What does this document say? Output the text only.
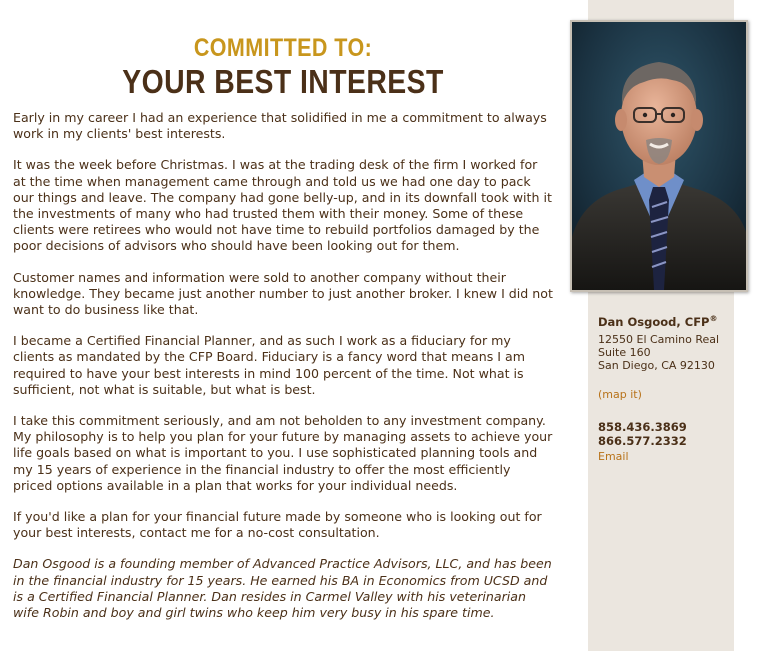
COMMITTED TO:
YOUR BEST INTEREST

Early in my career I had an experience that solidified in me a commitment to always work in my clients' best interests.

It was the week before Christmas. I was at the trading desk of the firm I worked for at the time when management came through and told us we had one day to pack our things and leave. The company had gone belly-up, and in its downfall took with it the investments of many who had trusted them with their money. Some of these clients were retirees who would not have time to rebuild portfolios damaged by the poor decisions of advisors who should have been looking out for them.

Customer names and information were sold to another company without their knowledge. They became just another number to just another broker. I knew I did not want to do business like that.

I became a Certified Financial Planner, and as such I work as a fiduciary for my clients as mandated by the CFP Board. Fiduciary is a fancy word that means I am required to have your best interests in mind 100 percent of the time. Not what is sufficient, not what is suitable, but what is best.

I take this commitment seriously, and am not beholden to any investment company. My philosophy is to help you plan for your future by managing assets to achieve your life goals based on what is important to you. I use sophisticated planning tools and my 15 years of experience in the financial industry to offer the most efficiently priced options available in a plan that works for your individual needs.

If you'd like a plan for your financial future made by someone who is looking out for your best interests, contact me for a no-cost consultation.

Dan Osgood is a founding member of Advanced Practice Advisors, LLC, and has been in the financial industry for 15 years. He earned his BA in Economics from UCSD and is a Certified Financial Planner. Dan resides in Carmel Valley with his veterinarian wife Robin and boy and girl twins who keep him very busy in his spare time.

Dan Osgood, CFP®

12550 El Camino Real

Suite 160

San Diego, CA 92130

(map it)

858.436.3869

866.577.2332

Email
